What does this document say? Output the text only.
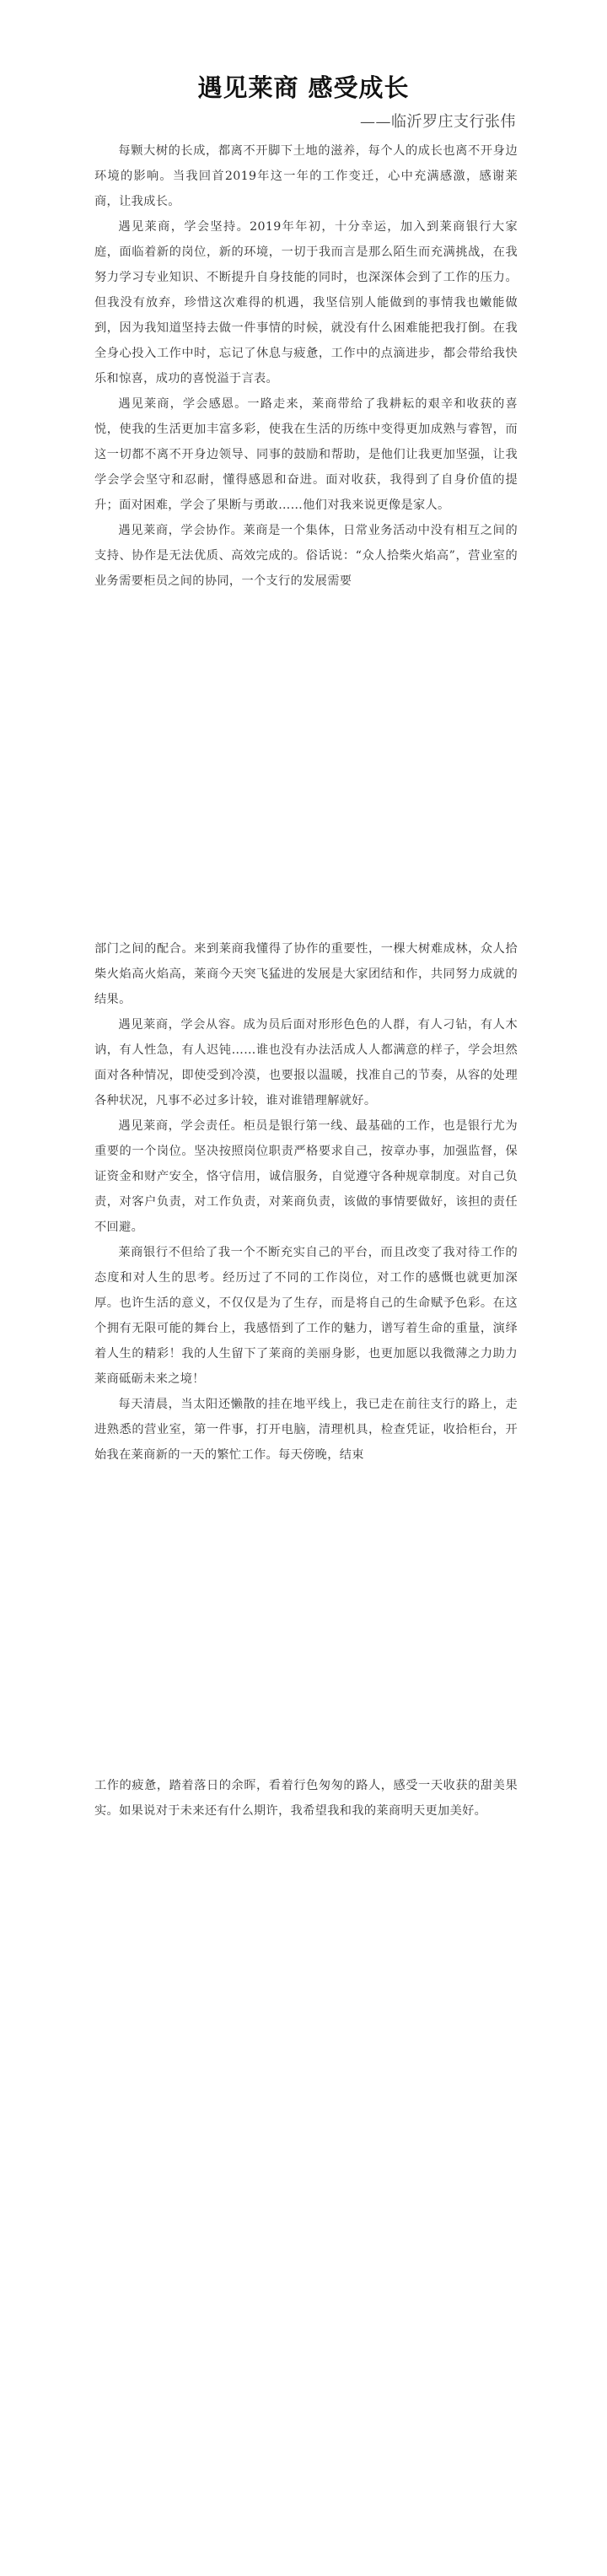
遇见莱商 感受成长
——临沂罗庄支行张伟

每颗大树的长成，都离不开脚下土地的滋养，每个人的成长也离不开身边环境的影响。当我回首2019年这一年的工作变迁，心中充满感激，感谢莱商，让我成长。

遇见莱商，学会坚持。2019年年初，十分幸运，加入到莱商银行大家庭，面临着新的岗位，新的环境，一切于我而言是那么陌生而充满挑战，在我努力学习专业知识、不断提升自身技能的同时，也深深体会到了工作的压力。但我没有放弃，珍惜这次难得的机遇，我坚信别人能做到的事情我也嫩能做到，因为我知道坚持去做一件事情的时候，就没有什么困难能把我打倒。在我全身心投入工作中时，忘记了休息与疲惫，工作中的点滴进步，都会带给我快乐和惊喜，成功的喜悦溢于言表。

遇见莱商，学会感恩。一路走来，莱商带给了我耕耘的艰辛和收获的喜悦，使我的生活更加丰富多彩，使我在生活的历练中变得更加成熟与睿智，而这一切都不离不开身边领导、同事的鼓励和帮助，是他们让我更加坚强，让我学会学会坚守和忍耐，懂得感恩和奋进。面对收获，我得到了自身价值的提升；面对困难，学会了果断与勇敢……他们对我来说更像是家人。

遇见莱商，学会协作。莱商是一个集体，日常业务活动中没有相互之间的支持、协作是无法优质、高效完成的。俗话说：“众人拾柴火焰高”，营业室的业务需要柜员之间的协同，一个支行的发展需要

部门之间的配合。来到莱商我懂得了协作的重要性，一棵大树难成林，众人拾柴火焰高火焰高，莱商今天突飞猛进的发展是大家团结和作，共同努力成就的结果。

遇见莱商，学会从容。成为员后面对形形色色的人群，有人刁钻，有人木讷，有人性急，有人迟钝……谁也没有办法活成人人都满意的样子，学会坦然面对各种情况，即使受到冷漠，也要报以温暖，找准自己的节奏，从容的处理各种状况，凡事不必过多计较，谁对谁错理解就好。

遇见莱商，学会责任。柜员是银行第一线、最基础的工作，也是银行尤为重要的一个岗位。坚决按照岗位职责严格要求自己，按章办事，加强监督，保证资金和财产安全，恪守信用，诚信服务，自觉遵守各种规章制度。对自己负责，对客户负责，对工作负责，对莱商负责，该做的事情要做好，该担的责任不回避。

莱商银行不但给了我一个不断充实自己的平台，而且改变了我对待工作的态度和对人生的思考。经历过了不同的工作岗位，对工作的感慨也就更加深厚。也许生活的意义，不仅仅是为了生存，而是将自己的生命赋予色彩。在这个拥有无限可能的舞台上，我感悟到了工作的魅力，谱写着生命的重量，演绎着人生的精彩！我的人生留下了莱商的美丽身影，也更加愿以我微薄之力助力莱商砥砺未来之境！

每天清晨，当太阳还懒散的挂在地平线上，我已走在前往支行的路上，走进熟悉的营业室，第一件事，打开电脑，清理机具，检查凭证，收拾柜台，开始我在莱商新的一天的繁忙工作。每天傍晚，结束

工作的疲惫，踏着落日的余晖，看着行色匆匆的路人，感受一天收获的甜美果实。如果说对于未来还有什么期许，我希望我和我的莱商明天更加美好。
